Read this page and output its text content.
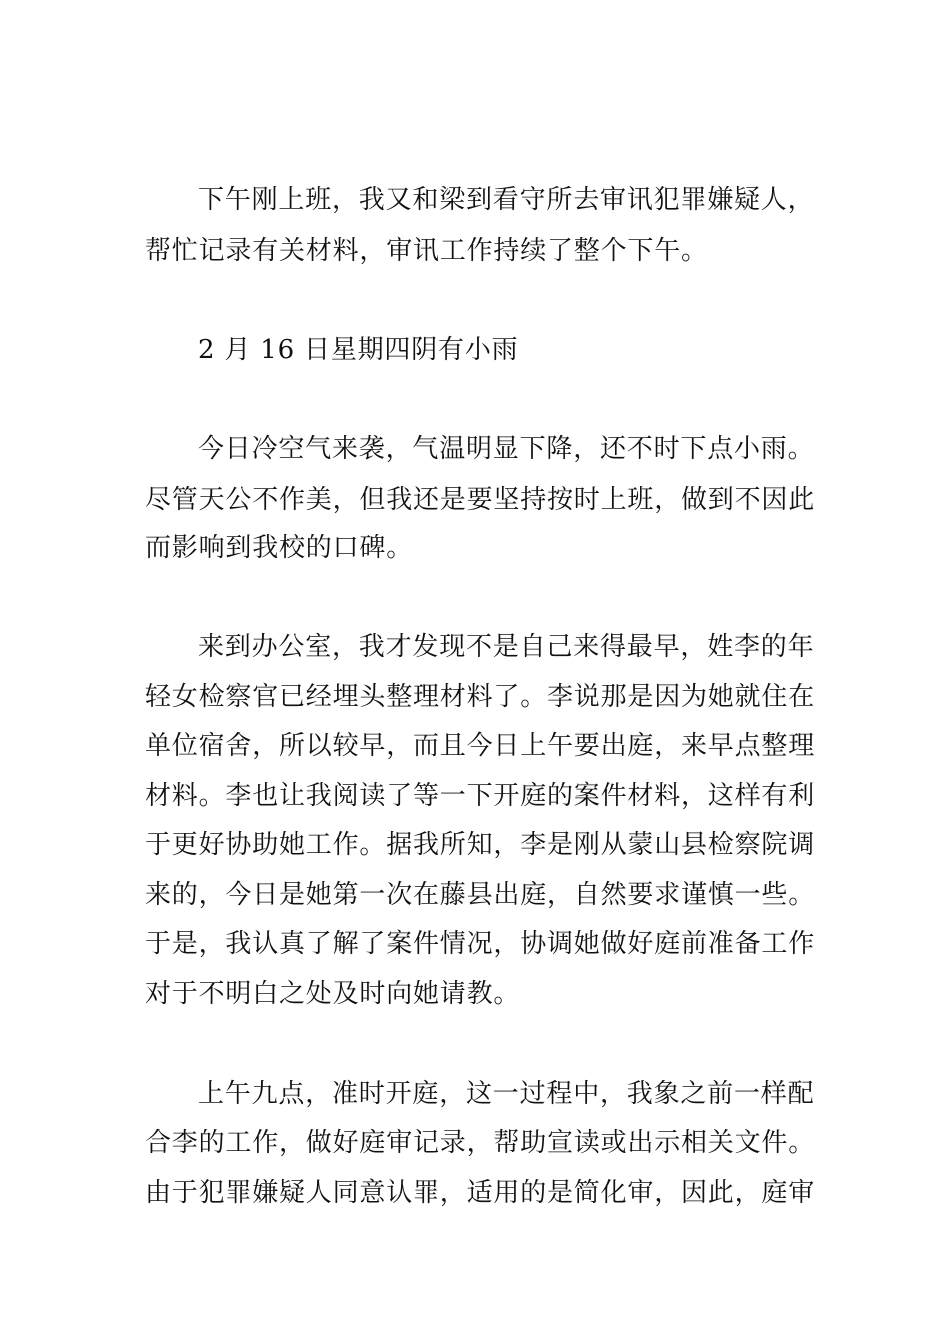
下午刚上班，我又和梁到看守所去审讯犯罪嫌疑人，
帮忙记录有关材料，审讯工作持续了整个下午。
2 月 16 日星期四阴有小雨
今日冷空气来袭，气温明显下降，还不时下点小雨。
尽管天公不作美，但我还是要坚持按时上班，做到不因此
而影响到我校的口碑。
来到办公室，我才发现不是自己来得最早，姓李的年
轻女检察官已经埋头整理材料了。李说那是因为她就住在
单位宿舍，所以较早，而且今日上午要出庭，来早点整理
材料。李也让我阅读了等一下开庭的案件材料，这样有利
于更好协助她工作。据我所知，李是刚从蒙山县检察院调
来的，今日是她第一次在藤县出庭，自然要求谨慎一些。
于是，我认真了解了案件情况，协调她做好庭前准备工作
对于不明白之处及时向她请教。
上午九点，准时开庭，这一过程中，我象之前一样配
合李的工作，做好庭审记录，帮助宣读或出示相关文件。
由于犯罪嫌疑人同意认罪，适用的是简化审，因此，庭审
